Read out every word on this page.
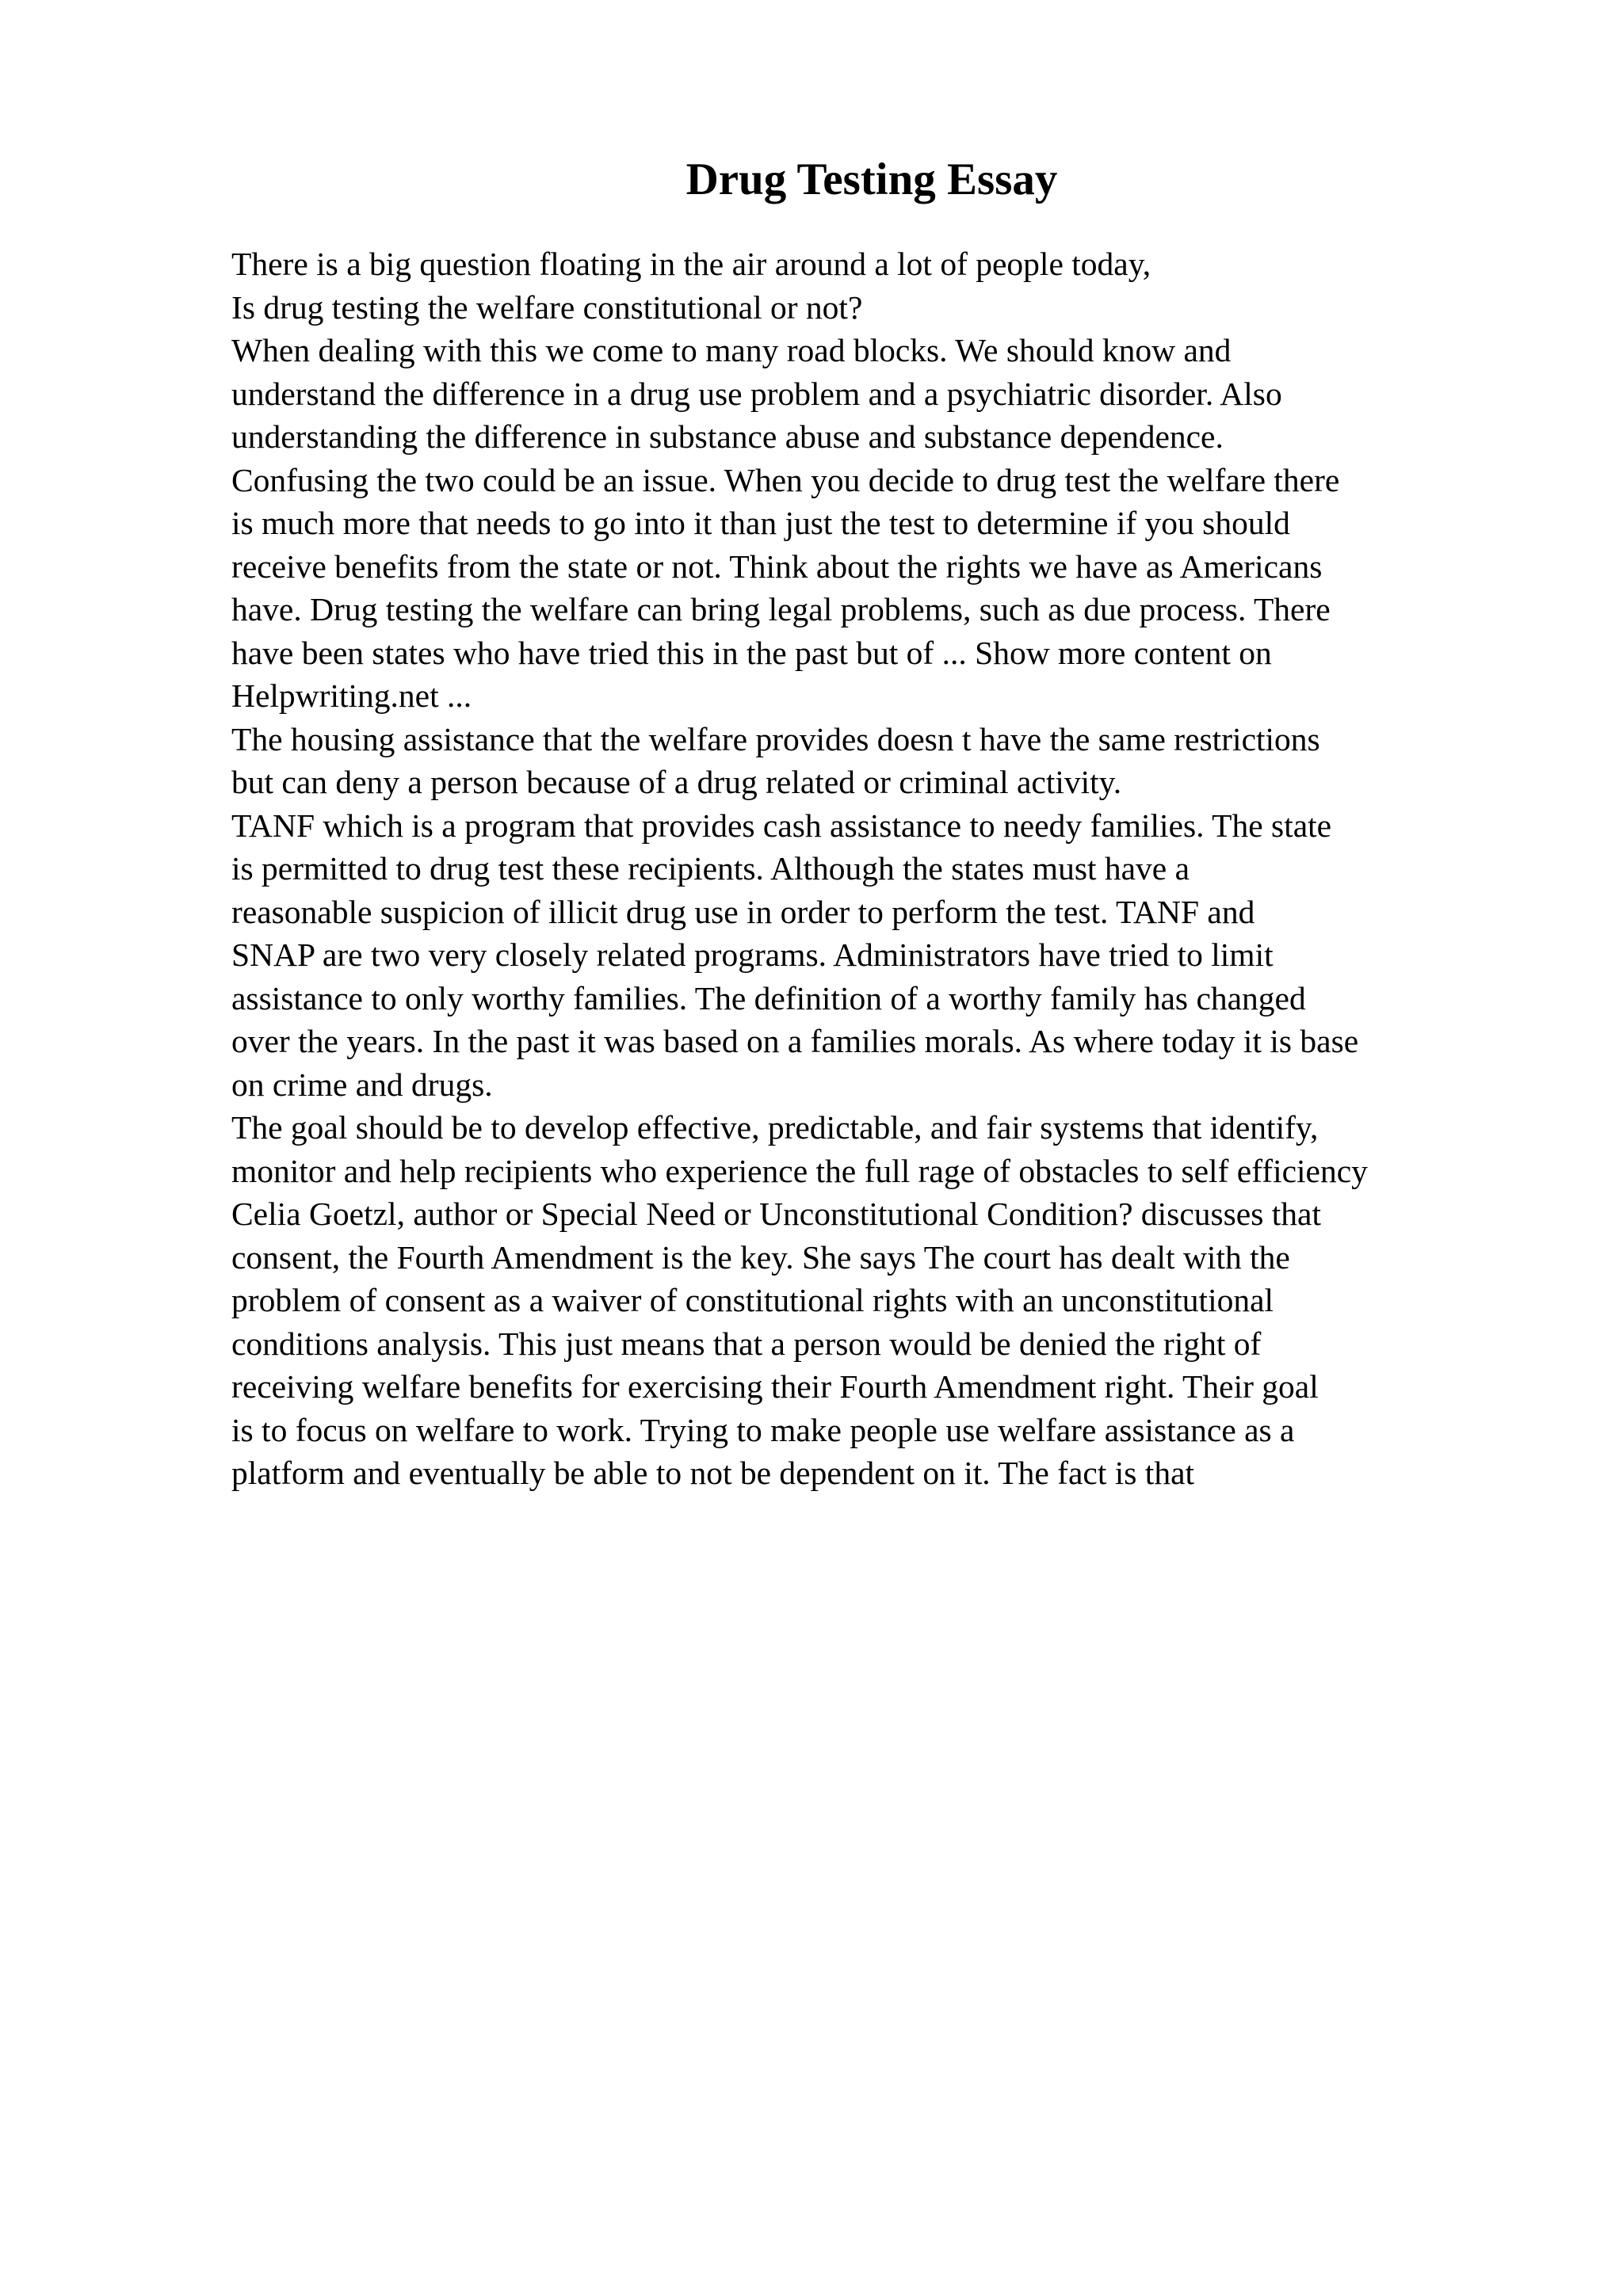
Drug Testing Essay
There is a big question floating in the air around a lot of people today,
Is drug testing the welfare constitutional or not?
When dealing with this we come to many road blocks. We should know and
understand the difference in a drug use problem and a psychiatric disorder. Also
understanding the difference in substance abuse and substance dependence.
Confusing the two could be an issue. When you decide to drug test the welfare there
is much more that needs to go into it than just the test to determine if you should
receive benefits from the state or not. Think about the rights we have as Americans
have. Drug testing the welfare can bring legal problems, such as due process. There
have been states who have tried this in the past but of ... Show more content on
Helpwriting.net ...
The housing assistance that the welfare provides doesn t have the same restrictions
but can deny a person because of a drug related or criminal activity.
TANF which is a program that provides cash assistance to needy families. The state
is permitted to drug test these recipients. Although the states must have a
reasonable suspicion of illicit drug use in order to perform the test. TANF and
SNAP are two very closely related programs. Administrators have tried to limit
assistance to only worthy families. The definition of a worthy family has changed
over the years. In the past it was based on a families morals. As where today it is base
on crime and drugs.
The goal should be to develop effective, predictable, and fair systems that identify,
monitor and help recipients who experience the full rage of obstacles to self efficiency
Celia Goetzl, author or Special Need or Unconstitutional Condition? discusses that
consent, the Fourth Amendment is the key. She says The court has dealt with the
problem of consent as a waiver of constitutional rights with an unconstitutional
conditions analysis. This just means that a person would be denied the right of
receiving welfare benefits for exercising their Fourth Amendment right. Their goal
is to focus on welfare to work. Trying to make people use welfare assistance as a
platform and eventually be able to not be dependent on it. The fact is that
